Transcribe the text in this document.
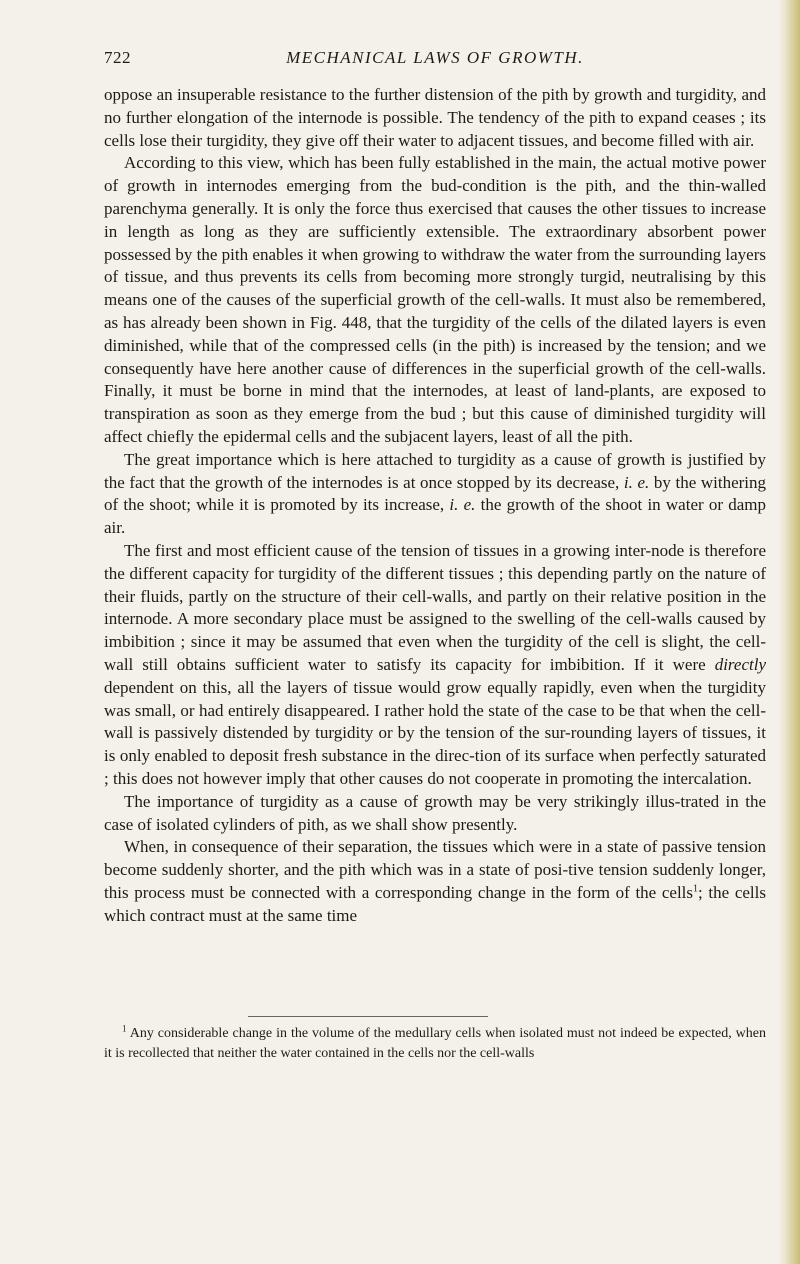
722	MECHANICAL LAWS OF GROWTH.

oppose an insuperable resistance to the further distension of the pith by growth and turgidity, and no further elongation of the internode is possible. The tendency of the pith to expand ceases ; its cells lose their turgidity, they give off their water to adjacent tissues, and become filled with air.

According to this view, which has been fully established in the main, the actual motive power of growth in internodes emerging from the bud-condition is the pith, and the thin-walled parenchyma generally. It is only the force thus exercised that causes the other tissues to increase in length as long as they are sufficiently extensible. The extraordinary absorbent power possessed by the pith enables it when growing to withdraw the water from the surrounding layers of tissue, and thus prevents its cells from becoming more strongly turgid, neutralising by this means one of the causes of the superficial growth of the cell-walls. It must also be remembered, as has already been shown in Fig. 448, that the turgidity of the cells of the dilated layers is even diminished, while that of the compressed cells (in the pith) is increased by the tension; and we consequently have here another cause of differences in the superficial growth of the cell-walls. Finally, it must be borne in mind that the internodes, at least of land-plants, are exposed to transpiration as soon as they emerge from the bud ; but this cause of diminished turgidity will affect chiefly the epidermal cells and the subjacent layers, least of all the pith.

The great importance which is here attached to turgidity as a cause of growth is justified by the fact that the growth of the internodes is at once stopped by its decrease, i. e. by the withering of the shoot; while it is promoted by its increase, i. e. the growth of the shoot in water or damp air.

The first and most efficient cause of the tension of tissues in a growing inter-node is therefore the different capacity for turgidity of the different tissues ; this depending partly on the nature of their fluids, partly on the structure of their cell-walls, and partly on their relative position in the internode. A more secondary place must be assigned to the swelling of the cell-walls caused by imbibition ; since it may be assumed that even when the turgidity of the cell is slight, the cell-wall still obtains sufficient water to satisfy its capacity for imbibition. If it were directly dependent on this, all the layers of tissue would grow equally rapidly, even when the turgidity was small, or had entirely disappeared. I rather hold the state of the case to be that when the cell-wall is passively distended by turgidity or by the tension of the sur-rounding layers of tissues, it is only enabled to deposit fresh substance in the direc-tion of its surface when perfectly saturated ; this does not however imply that other causes do not cooperate in promoting the intercalation.

The importance of turgidity as a cause of growth may be very strikingly illus-trated in the case of isolated cylinders of pith, as we shall show presently.

When, in consequence of their separation, the tissues which were in a state of passive tension become suddenly shorter, and the pith which was in a state of posi-tive tension suddenly longer, this process must be connected with a corresponding change in the form of the cells$^1$; the cells which contract must at the same time

$^1$ Any considerable change in the volume of the medullary cells when isolated must not indeed be expected, when it is recollected that neither the water contained in the cells nor the cell-walls
